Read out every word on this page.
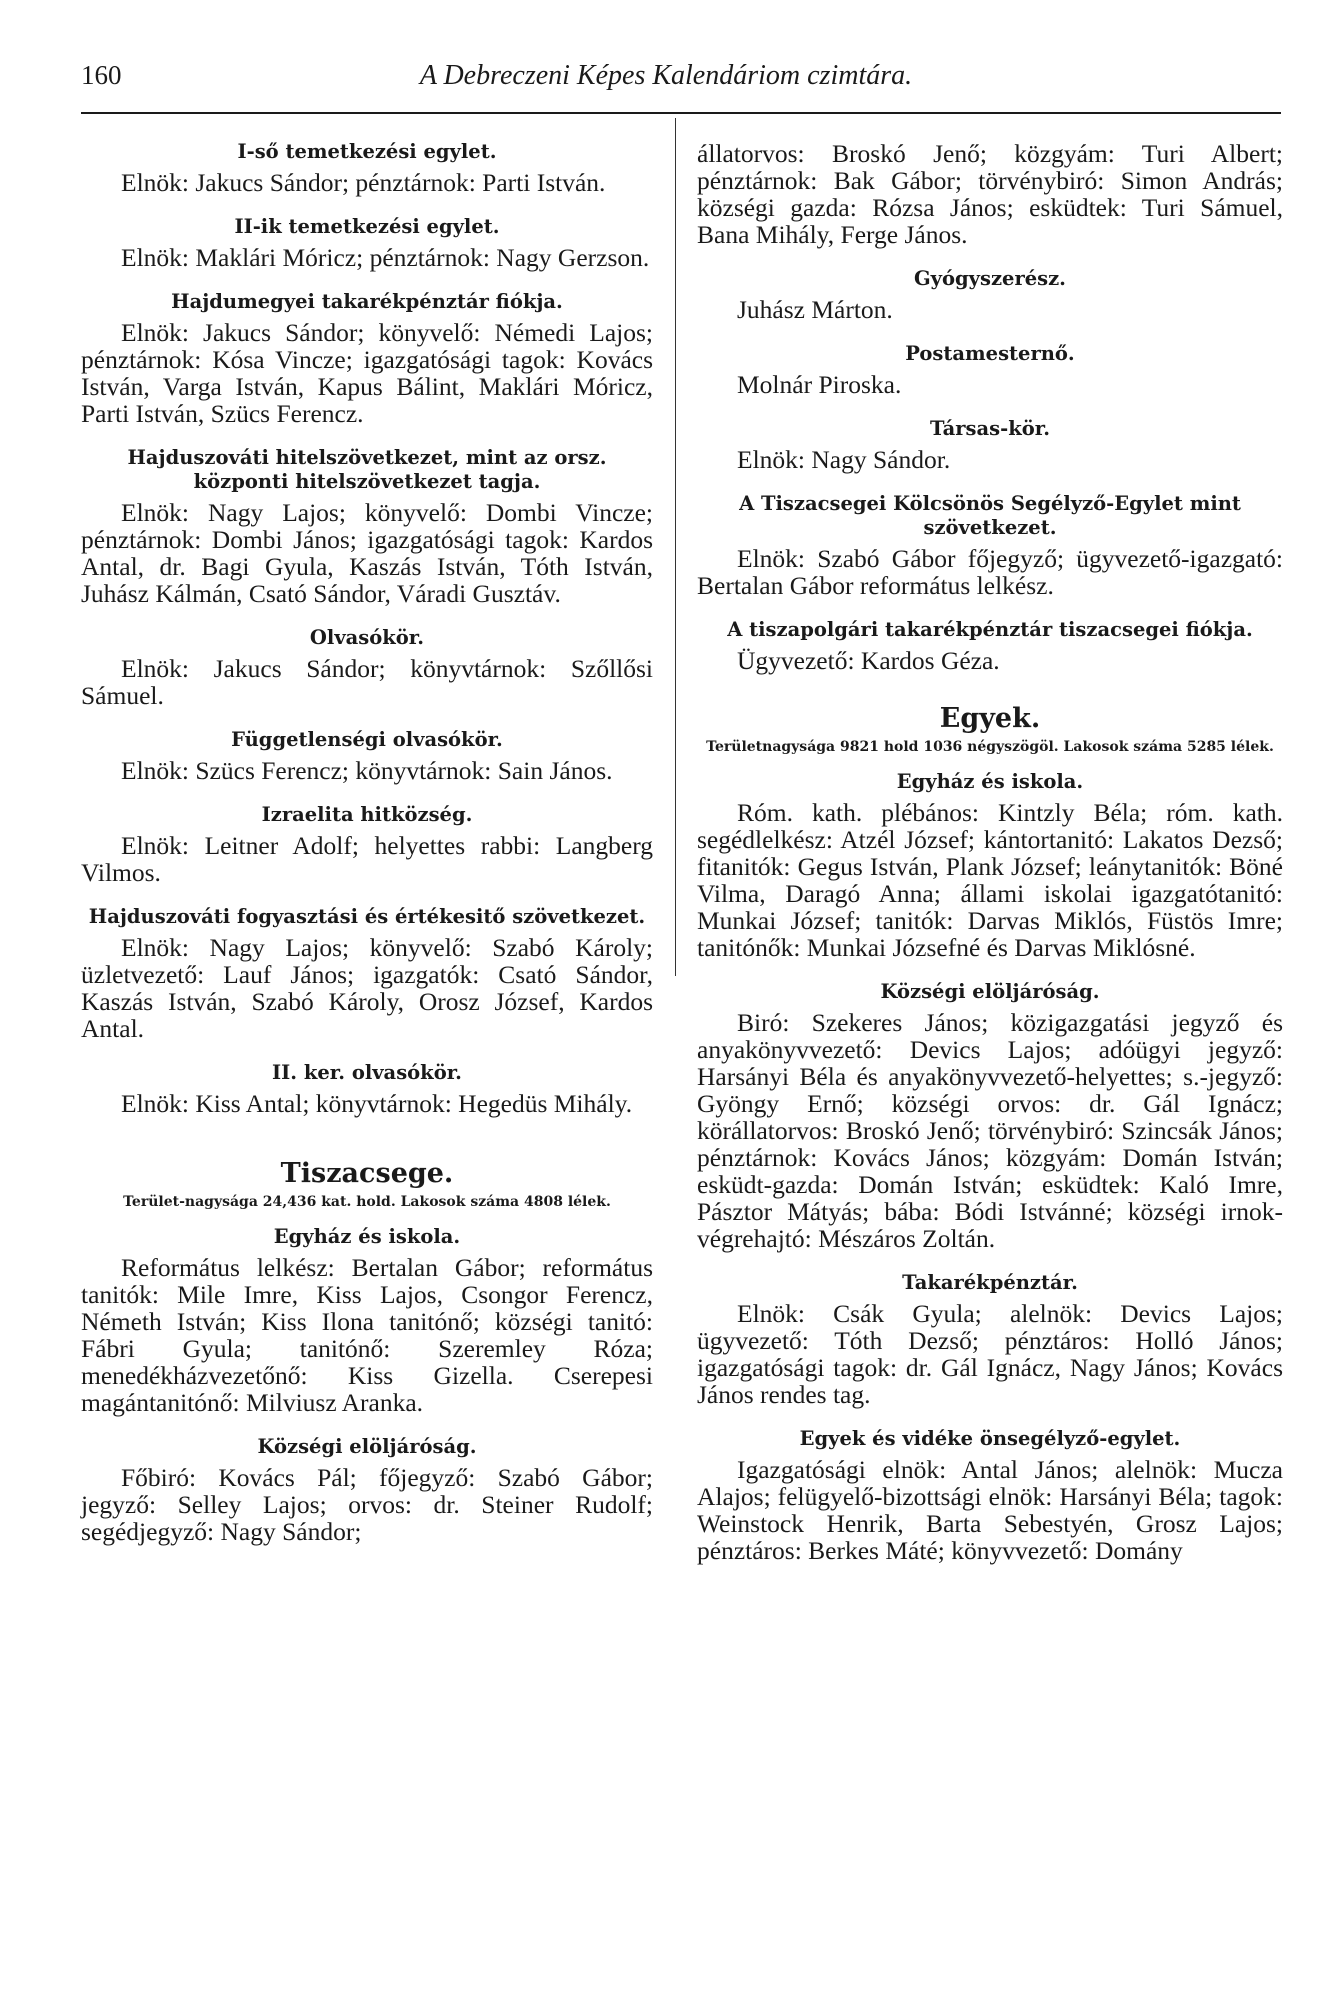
160	A Debreczeni Képes Kalendáriom czimtára.
I-ső temetkezési egylet.
Elnök: Jakucs Sándor; pénztárnok: Parti István.
II-ik temetkezési egylet.
Elnök: Maklári Móricz; pénztárnok: Nagy Gerzson.
Hajdumegyei takarékpénztár fiókja.
Elnök: Jakucs Sándor; könyvelő: Némedi Lajos; pénztárnok: Kósa Vincze; igazgatósági tagok: Kovács István, Varga István, Kapus Bálint, Maklári Móricz, Parti István, Szücs Ferencz.
Hajduszováti hitelszövetkezet, mint az orsz. központi hitelszövetkezet tagja.
Elnök: Nagy Lajos; könyvelő: Dombi Vincze; pénztárnok: Dombi János; igazgatósági tagok: Kardos Antal, dr. Bagi Gyula, Kaszás István, Tóth István, Juhász Kálmán, Csató Sándor, Váradi Gusztáv.
Olvasókör.
Elnök: Jakucs Sándor; könyvtárnok: Szőllősi Sámuel.
Függetlenségi olvasókör.
Elnök: Szücs Ferencz; könyvtárnok: Sain János.
Izraelita hitközség.
Elnök: Leitner Adolf; helyettes rabbi: Langberg Vilmos.
Hajduszováti fogyasztási és értékesitő szövetkezet.
Elnök: Nagy Lajos; könyvelő: Szabó Károly; üzletvezető: Lauf János; igazgatók: Csató Sándor, Kaszás István, Szabó Károly, Orosz József, Kardos Antal.
II. ker. olvasókör.
Elnök: Kiss Antal; könyvtárnok: Hegedüs Mihály.
Tiszacsege.
Terület-nagysága 24,436 kat. hold. Lakosok száma 4808 lélek.
Egyház és iskola.
Református lelkész: Bertalan Gábor; református tanitók: Mile Imre, Kiss Lajos, Csongor Ferencz, Németh István; Kiss Ilona tanitónő; községi tanitó: Fábri Gyula; tanitónő: Szeremley Róza; menedékházvezetőnő: Kiss Gizella. Cserepesi magántanitónő: Milviusz Aranka.
Községi elöljáróság.
Főbiró: Kovács Pál; főjegyző: Szabó Gábor; jegyző: Selley Lajos; orvos: dr. Steiner Rudolf; segédjegyző: Nagy Sándor;
állatorvos: Broskó Jenő; közgyám: Turi Albert; pénztárnok: Bak Gábor; törvénybiró: Simon András; községi gazda: Rózsa János; esküdtek: Turi Sámuel, Bana Mihály, Ferge János.
Gyógyszerész.
Juhász Márton.
Postamesternő.
Molnár Piroska.
Társas-kör.
Elnök: Nagy Sándor.
A Tiszacsegei Kölcsönös Segélyző-Egylet mint szövetkezet.
Elnök: Szabó Gábor főjegyző; ügyvezető-igazgató: Bertalan Gábor református lelkész.
A tiszapolgári takarékpénztár tiszacsegei fiókja.
Ügyvezető: Kardos Géza.
Egyek.
Területnagysága 9821 hold 1036 négyszögöl. Lakosok száma 5285 lélek.
Egyház és iskola.
Róm. kath. plébános: Kintzly Béla; róm. kath. segédlelkész: Atzél József; kántortanitó: Lakatos Dezső; fitanitók: Gegus István, Plank József; leánytanitók: Böné Vilma, Daragó Anna; állami iskolai igazgatótanitó: Munkai József; tanitók: Darvas Miklós, Füstös Imre; tanitónők: Munkai Józsefné és Darvas Miklósné.
Községi elöljáróság.
Biró: Szekeres János; közigazgatási jegyző és anyakönyvvezető: Devics Lajos; adóügyi jegyző: Harsányi Béla és anyakönyvvezető-helyettes; s.-jegyző: Gyöngy Ernő; községi orvos: dr. Gál Ignácz; körállatorvos: Broskó Jenő; törvénybiró: Szincsák János; pénztárnok: Kovács János; közgyám: Domán István; esküdt-gazda: Domán István; esküdtek: Kaló Imre, Pásztor Mátyás; bába: Bódi Istvánné; községi irnok-végrehajtó: Mészáros Zoltán.
Takarékpénztár.
Elnök: Csák Gyula; alelnök: Devics Lajos; ügyvezető: Tóth Dezső; pénztáros: Holló János; igazgatósági tagok: dr. Gál Ignácz, Nagy János; Kovács János rendes tag.
Egyek és vidéke önsegélyző-egylet.
Igazgatósági elnök: Antal János; alelnök: Mucza Alajos; felügyelő-bizottsági elnök: Harsányi Béla; tagok: Weinstock Henrik, Barta Sebestyén, Grosz Lajos; pénztáros: Berkes Máté; könyvvezető: Domány
